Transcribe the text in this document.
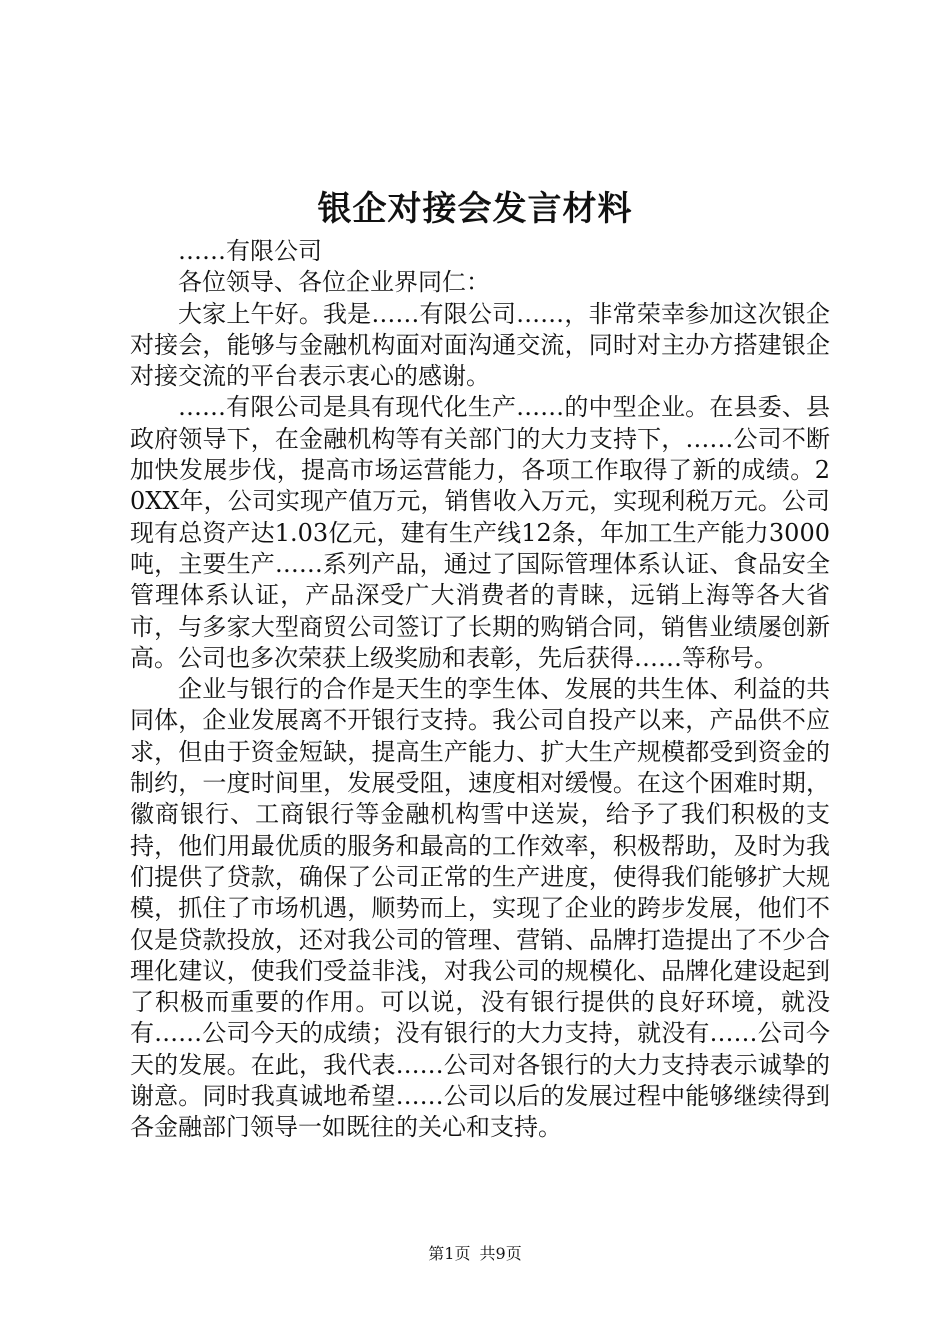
银企对接会发言材料

……有限公司

各位领导、各位企业界同仁：

大家上午好。我是……有限公司……，非常荣幸参加这次银企对接会，能够与金融机构面对面沟通交流，同时对主办方搭建银企对接交流的平台表示衷心的感谢。

……有限公司是具有现代化生产……的中型企业。在县委、县政府领导下，在金融机构等有关部门的大力支持下，……公司不断加快发展步伐，提高市场运营能力，各项工作取得了新的成绩。20XX年，公司实现产值万元，销售收入万元，实现利税万元。公司现有总资产达1.03亿元，建有生产线12条，年加工生产能力3000吨，主要生产……系列产品，通过了国际管理体系认证、食品安全管理体系认证，产品深受广大消费者的青睐，远销上海等各大省市，与多家大型商贸公司签订了长期的购销合同，销售业绩屡创新高。公司也多次荣获上级奖励和表彰，先后获得……等称号。

企业与银行的合作是天生的孪生体、发展的共生体、利益的共同体，企业发展离不开银行支持。我公司自投产以来，产品供不应求，但由于资金短缺，提高生产能力、扩大生产规模都受到资金的制约，一度时间里，发展受阻，速度相对缓慢。在这个困难时期，徽商银行、工商银行等金融机构雪中送炭，给予了我们积极的支持，他们用最优质的服务和最高的工作效率，积极帮助，及时为我们提供了贷款，确保了公司正常的生产进度，使得我们能够扩大规模，抓住了市场机遇，顺势而上，实现了企业的跨步发展，他们不仅是贷款投放，还对我公司的管理、营销、品牌打造提出了不少合理化建议，使我们受益非浅，对我公司的规模化、品牌化建设起到了积极而重要的作用。可以说，没有银行提供的良好环境，就没有……公司今天的成绩；没有银行的大力支持，就没有……公司今天的发展。在此，我代表……公司对各银行的大力支持表示诚挚的谢意。同时我真诚地希望……公司以后的发展过程中能够继续得到各金融部门领导一如既往的关心和支持。

第1页 共9页
